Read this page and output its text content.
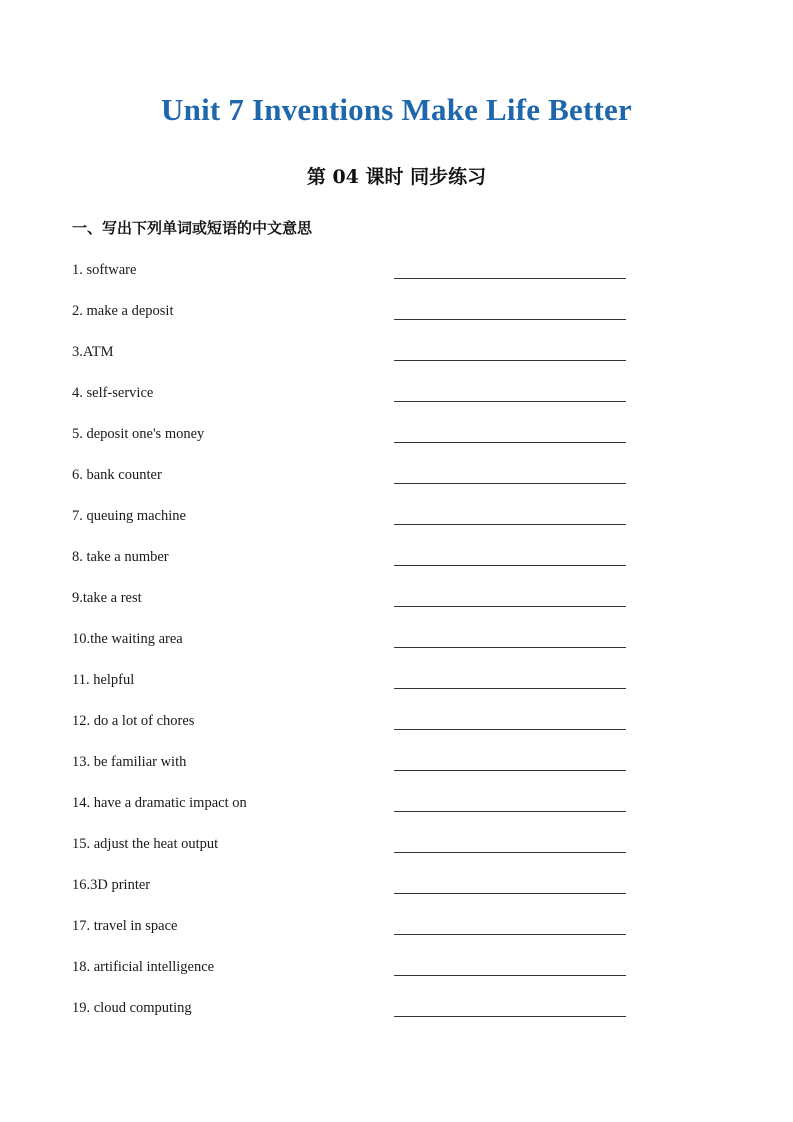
Unit 7 Inventions Make Life Better
第 04 课时 同步练习
一、写出下列单词或短语的中文意思
1. software
2. make a deposit
3.ATM
4. self-service
5. deposit one's money
6. bank counter
7. queuing machine
8. take a number
9.take a rest
10.the waiting area
11. helpful
12. do a lot of chores
13. be familiar with
14. have a dramatic impact on
15. adjust the heat output
16.3D printer
17. travel in space
18. artificial intelligence
19. cloud computing
